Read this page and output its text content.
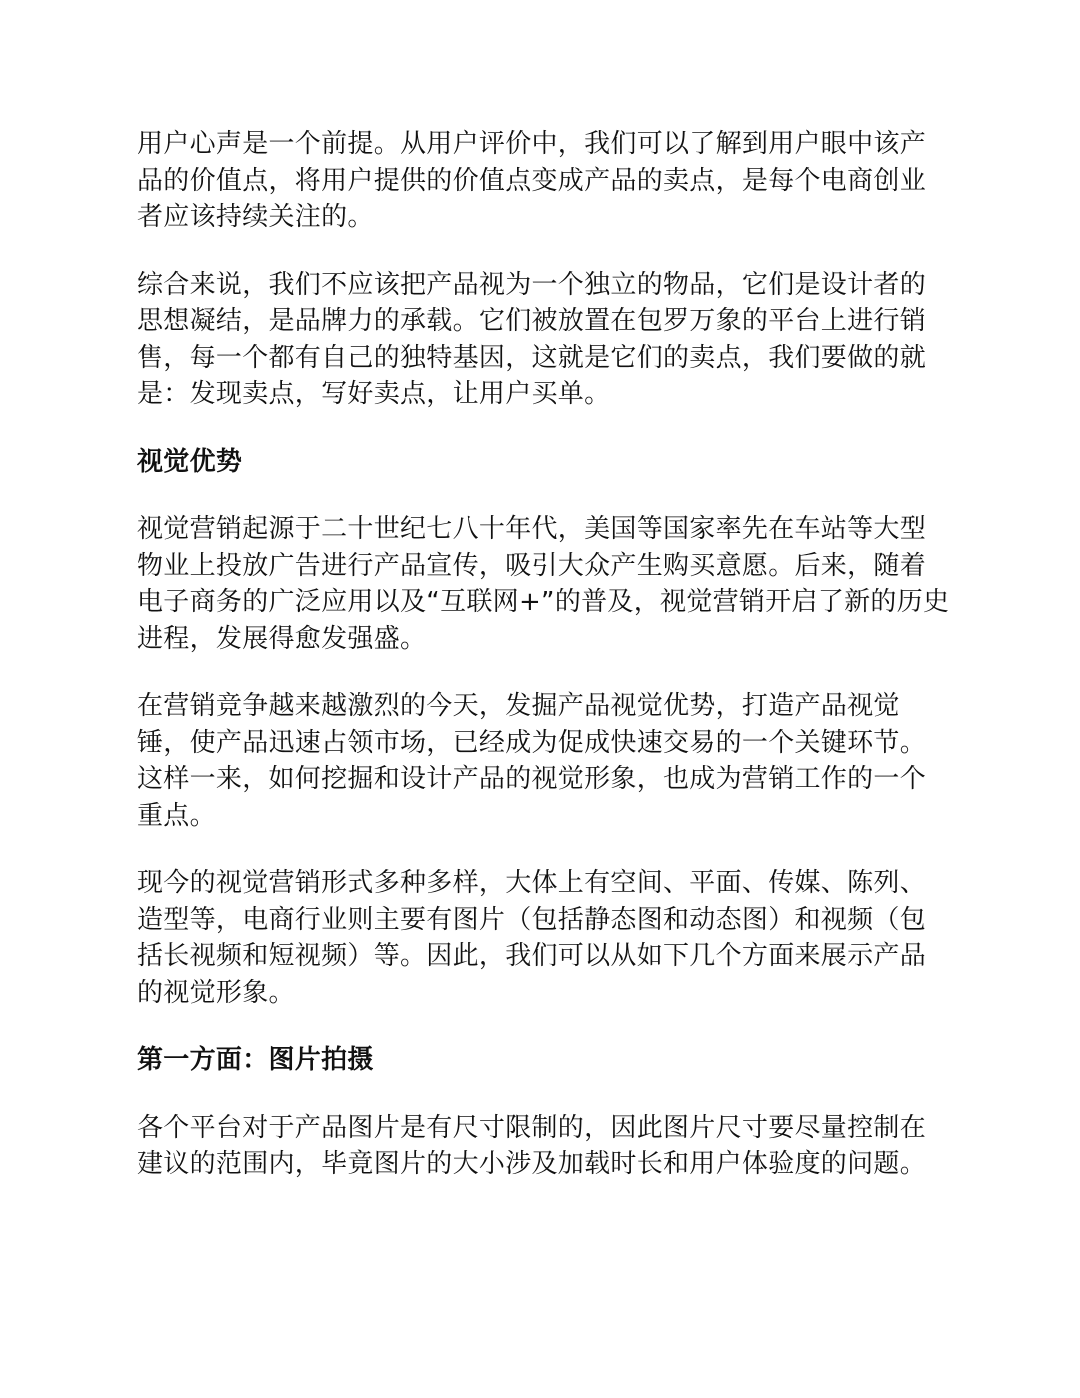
用户心声是一个前提。从用户评价中，我们可以了解到用户眼中该产
品的价值点，将用户提供的价值点变成产品的卖点，是每个电商创业
者应该持续关注的。

综合来说，我们不应该把产品视为一个独立的物品，它们是设计者的
思想凝结，是品牌力的承载。它们被放置在包罗万象的平台上进行销
售，每一个都有自己的独特基因，这就是它们的卖点，我们要做的就
是：发现卖点，写好卖点，让用户买单。

视觉优势

视觉营销起源于二十世纪七八十年代，美国等国家率先在车站等大型
物业上投放广告进行产品宣传，吸引大众产生购买意愿。后来，随着
电子商务的广泛应用以及“互联网+”的普及，视觉营销开启了新的历史
进程，发展得愈发强盛。

在营销竞争越来越激烈的今天，发掘产品视觉优势，打造产品视觉
锤，使产品迅速占领市场，已经成为促成快速交易的一个关键环节。
这样一来，如何挖掘和设计产品的视觉形象，也成为营销工作的一个
重点。

现今的视觉营销形式多种多样，大体上有空间、平面、传媒、陈列、
造型等，电商行业则主要有图片（包括静态图和动态图）和视频（包
括长视频和短视频）等。因此，我们可以从如下几个方面来展示产品
的视觉形象。

第一方面：图片拍摄

各个平台对于产品图片是有尺寸限制的，因此图片尺寸要尽量控制在
建议的范围内，毕竟图片的大小涉及加载时长和用户体验度的问题。
